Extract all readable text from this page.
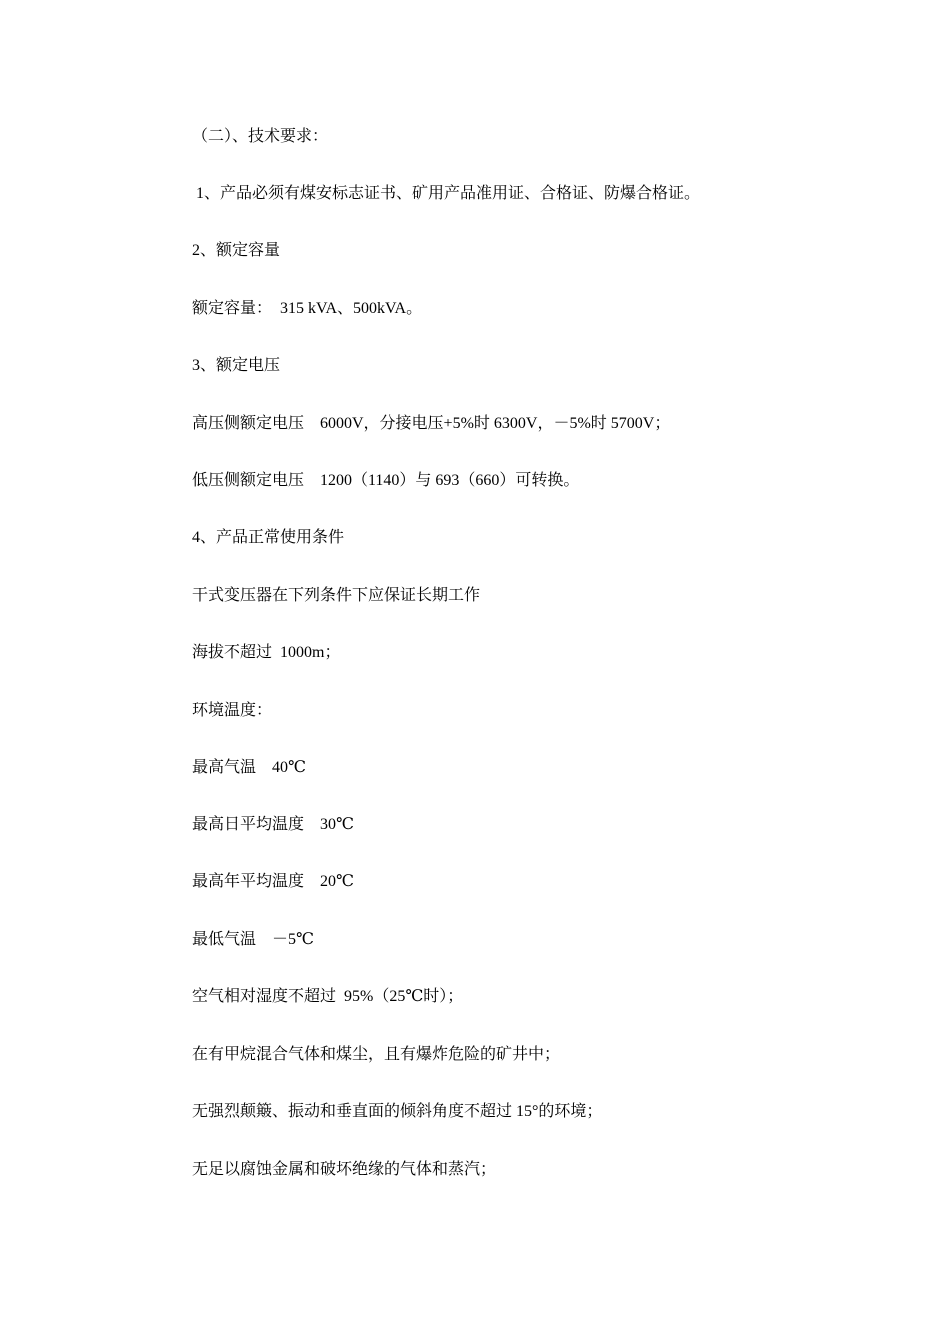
（二）、技术要求：
1、产品必须有煤安标志证书、矿用产品准用证、合格证、防爆合格证。
2、额定容量
额定容量：  315 kVA、500kVA。
3、额定电压
高压侧额定电压    6000V，分接电压+5%时 6300V，－5%时 5700V；
低压侧额定电压    1200（1140）与 693（660）可转换。
4、产品正常使用条件
干式变压器在下列条件下应保证长期工作
海拔不超过  1000m；
环境温度：
最高气温    40℃
最高日平均温度    30℃
最高年平均温度    20℃
最低气温    －5℃
空气相对湿度不超过  95%（25℃时）；
在有甲烷混合气体和煤尘，且有爆炸危险的矿井中；
无强烈颠簸、振动和垂直面的倾斜角度不超过 15°的环境；
无足以腐蚀金属和破坏绝缘的气体和蒸汽；
